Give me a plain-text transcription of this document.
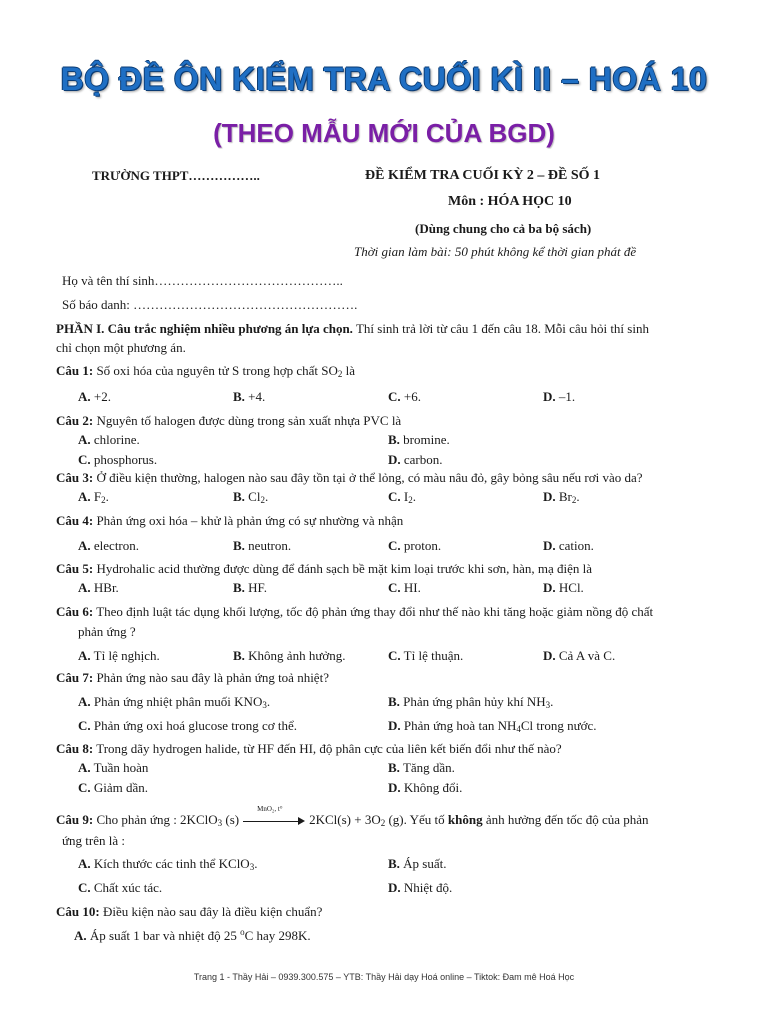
BỘ ĐỀ ÔN KIỂM TRA CUỐI KÌ II – HOÁ 10
(THEO MẪU MỚI CỦA BGD)
TRƯỜNG THPT……………..	ĐỀ KIỂM TRA CUỐI KỲ 2 – ĐỀ SỐ 1
Môn : HÓA HỌC 10
(Dùng chung cho cả ba bộ sách)
Thời gian làm bài: 50 phút không kể thời gian phát đề
Họ và tên thí sinh……………………………………..
Số báo danh: …………………………………………….
PHẦN I. Câu trắc nghiệm nhiều phương án lựa chọn. Thí sinh trả lời từ câu 1 đến câu 18. Mỗi câu hỏi thí sinh
chỉ chọn một phương án.
Câu 1: Số oxi hóa của nguyên tử S trong hợp chất $SO_2$ là
A. +2.	B. +4.	C. +6.	D. –1.
Câu 2: Nguyên tố halogen được dùng trong sản xuất nhựa PVC là
A. chlorine.	B. bromine.
C. phosphorus.	D. carbon.
Câu 3: Ở điều kiện thường, halogen nào sau đây tồn tại ở thể lỏng, có màu nâu đỏ, gây bỏng sâu nếu rơi vào da?
A. $F_2$.	B. $Cl_2$.	C. $I_2$.	D. $Br_2$.
Câu 4: Phản ứng oxi hóa – khử là phản ứng có sự nhường và nhận
A. electron.	B. neutron.	C. proton.	D. cation.
Câu 5: Hydrohalic acid thường được dùng để đánh sạch bề mặt kim loại trước khi sơn, hàn, mạ điện là
A. HBr.	B. HF.	C. HI.	D. HCl.
Câu 6: Theo định luật tác dụng khối lượng, tốc độ phản ứng thay đổi như thế nào khi tăng hoặc giảm nồng độ chất
phản ứng ?
A. Tỉ lệ nghịch.	B. Không ảnh hưởng.	C. Tỉ lệ thuận.	D. Cả A và C.
Câu 7: Phản ứng nào sau đây là phản ứng toả nhiệt?
A. Phản ứng nhiệt phân muối $KNO_3$.	B. Phản ứng phân hủy khí $NH_3$.
C. Phản ứng oxi hoá glucose trong cơ thể.	D. Phản ứng hoà $\tan NH_4Cl$ trong nước.
Câu 8: Trong dãy hydrogen halide, từ HF đến HI, độ phân cực của liên kết biến đổi như thế nào?
A. Tuần hoàn	B. Tăng dần.
C. Giảm dần.	D. Không đổi.
Câu 9: Cho phản ứng : 2KClO$_3$ (s)
MnO₂, t°
$2KCl(s) + 3O_2$ (g). Yếu tố không ảnh hưởng đến tốc độ của phản
ứng trên là :
A. Kích thước các tinh thể KClO$_3$.	B. Áp suất.
C. Chất xúc tác.	D. Nhiệt độ.
Câu 10: Điều kiện nào sau đây là điều kiện chuẩn?
A. Áp suất 1 bar và nhiệt độ 25 $^o$C hay 298K.
Trang 1 - Thầy Hải – 0939.300.575 – YTB: Thầy Hải dạy Hoá online – Tiktok: Đam mê Hoá Học
